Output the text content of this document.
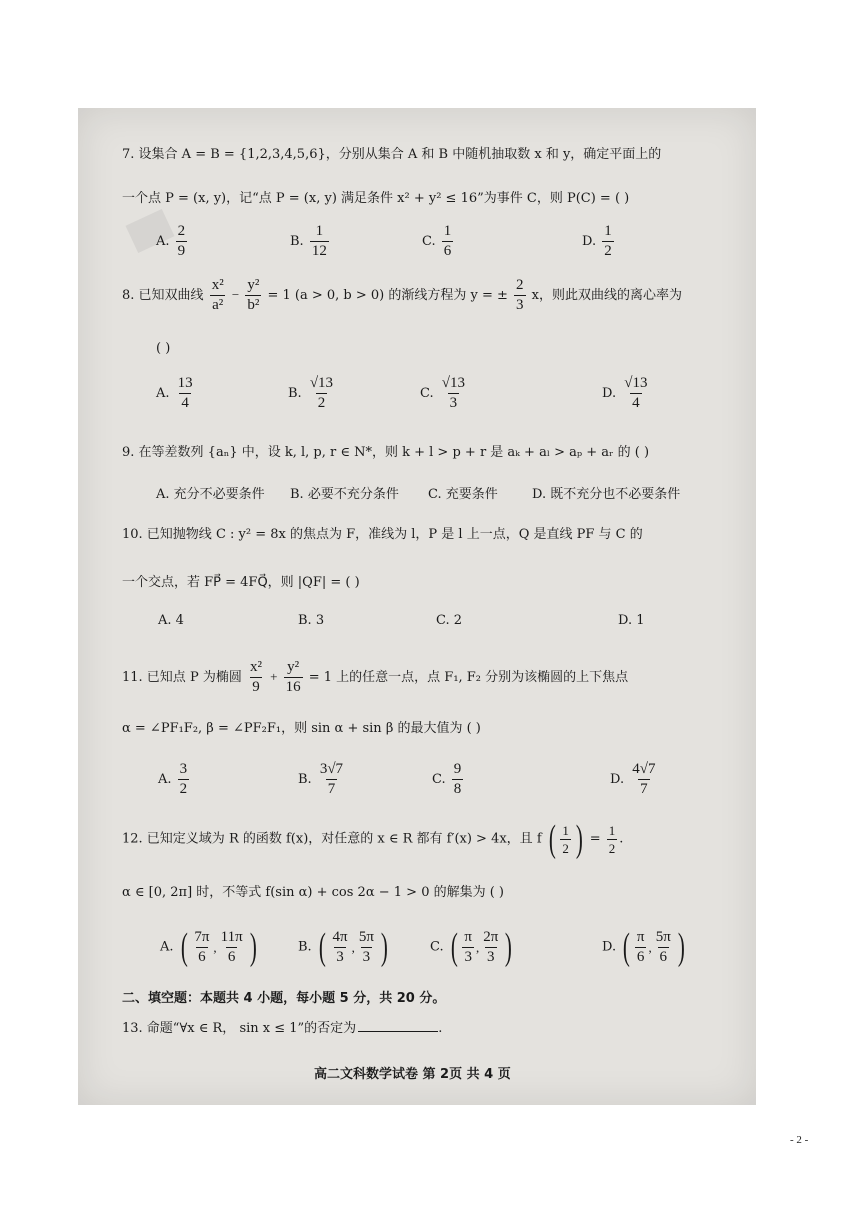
7. 设集合 A = B = {1,2,3,4,5,6}，分别从集合 A 和 B 中随机抽取数 x 和 y，确定平面上的
一个点 P = (x, y)，记“点 P = (x, y) 满足条件 x² + y² ≤ 16”为事件 C，则 P(C) = ( )
A. $\frac{2}{9}$	B. $\frac{1}{12}$	C. $\frac{1}{6}$	D. $\frac{1}{2}$
8. 已知双曲线 $\frac{\text{x²}}{\text{a²}} - \frac{\text{y²}}{\text{b²}} = 1$ (a > 0, b > 0) 的渐线方程为 y = ± $\frac{2}{3}$ x，则此双曲线的离心率为
( )
A. $\frac{13}{4}$	B. $\frac{√13}{2}$	C. $\frac{√13}{3}$	D. $\frac{√13}{4}$
9. 在等差数列 {aₙ} 中，设 k, l, p, r ∈ N*，则 k + l > p + r 是 aₖ + aₗ > aₚ + aᵣ 的 ( )
A. 充分不必要条件 B. 必要不充分条件 C. 充要条件	D. 既不充分也不必要条件
10. 已知抛物线 C : y² = 8x 的焦点为 F，准线为 l，P 是 l 上一点，Q 是直线 PF 与 C 的
一个交点，若 FP⃗ = 4FQ⃗，则 |QF| = ( )
A. 4	B. 3	C. 2	D. 1
11. 已知点 P 为椭圆 $\frac{\text{x²}}{9} + \frac{\text{y²}}{16} = 1$ 上的任意一点，点 F₁, F₂ 分别为该椭圆的上下焦点
α = ∠PF₁F₂, β = ∠PF₂F₁，则 sin α + sin β 的最大值为 ( )
A. $\frac{3}{2}$	B. $\frac{3√7}{7}$	C. $\frac{9}{8}$	D. $\frac{4√7}{7}$
12. 已知定义域为 R 的函数 f(x)，对任意的 x ∈ R 都有 f′(x) > 4x，且 f ( $\frac{1}{2}$ ) = $\frac{1}{2}$ .
α ∈ [0, 2π] 时，不等式 f(sin α) + cos 2α − 1 > 0 的解集为 ( )
A. ( $\frac{7\pi}{6}$ , $\frac{11\pi}{6}$ )	B. ( $\frac{4\pi}{3}$ , $\frac{5\pi}{3}$ )	C. ( $\frac{\pi}{3}$ , $\frac{2\pi}{3}$ )	D. ( $\frac{\pi}{6}$ , $\frac{5\pi}{6}$ )
二、填空题：本题共 4 小题，每小题 5 分，共 20 分。
13. 命题“∀x ∈ R， sin x ≤ 1”的否定为	.
高二文科数学试卷 第 2页 共 4 页
- 2 -
